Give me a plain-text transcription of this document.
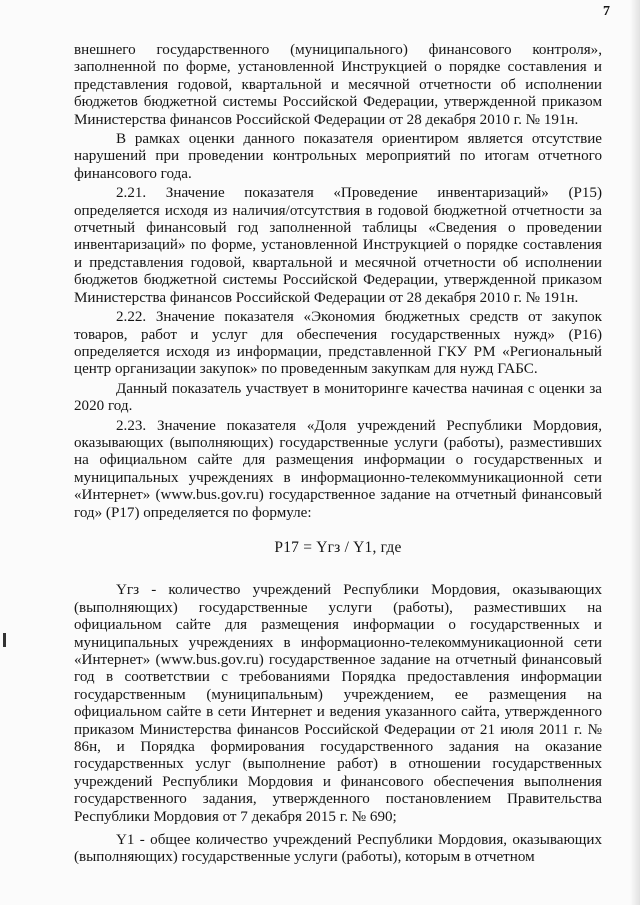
7

внешнего государственного (муниципального) финансового контроля», заполненной по форме, установленной Инструкцией о порядке составления и представления годовой, квартальной и месячной отчетности об исполнении бюджетов бюджетной системы Российской Федерации, утвержденной приказом Министерства финансов Российской Федерации от 28 декабря 2010 г. № 191н.

В рамках оценки данного показателя ориентиром является отсутствие нарушений при проведении контрольных мероприятий по итогам отчетного финансового года.

2.21. Значение показателя «Проведение инвентаризаций» (Р15) определяется исходя из наличия/отсутствия в годовой бюджетной отчетности за отчетный финансовый год заполненной таблицы «Сведения о проведении инвентаризаций» по форме, установленной Инструкцией о порядке составления и представления годовой, квартальной и месячной отчетности об исполнении бюджетов бюджетной системы Российской Федерации, утвержденной приказом Министерства финансов Российской Федерации от 28 декабря 2010 г. № 191н.

2.22. Значение показателя «Экономия бюджетных средств от закупок товаров, работ и услуг для обеспечения государственных нужд» (Р16) определяется исходя из информации, представленной ГКУ РМ «Региональный центр организации закупок» по проведенным закупкам для нужд ГАБС.

Данный показатель участвует в мониторинге качества начиная с оценки за 2020 год.

2.23. Значение показателя «Доля учреждений Республики Мордовия, оказывающих (выполняющих) государственные услуги (работы), разместивших на официальном сайте для размещения информации о государственных и муниципальных учреждениях в информационно-телекоммуникационной сети «Интернет» (www.bus.gov.ru) государственное задание на отчетный финансовый год» (Р17) определяется по формуле:

Р17 = Yгз / Y1, где

Yгз - количество учреждений Республики Мордовия, оказывающих (выполняющих) государственные услуги (работы), разместивших на официальном сайте для размещения информации о государственных и муниципальных учреждениях в информационно-телекоммуникационной сети «Интернет» (www.bus.gov.ru) государственное задание на отчетный финансовый год в соответствии с требованиями Порядка предоставления информации государственным (муниципальным) учреждением, ее размещения на официальном сайте в сети Интернет и ведения указанного сайта, утвержденного приказом Министерства финансов Российской Федерации от 21 июля 2011 г. № 86н, и Порядка формирования государственного задания на оказание государственных услуг (выполнение работ) в отношении государственных учреждений Республики Мордовия и финансового обеспечения выполнения государственного задания, утвержденного постановлением Правительства Республики Мордовия от 7 декабря 2015 г. № 690;

Y1 - общее количество учреждений Республики Мордовия, оказывающих (выполняющих) государственные услуги (работы), которым в отчетном
